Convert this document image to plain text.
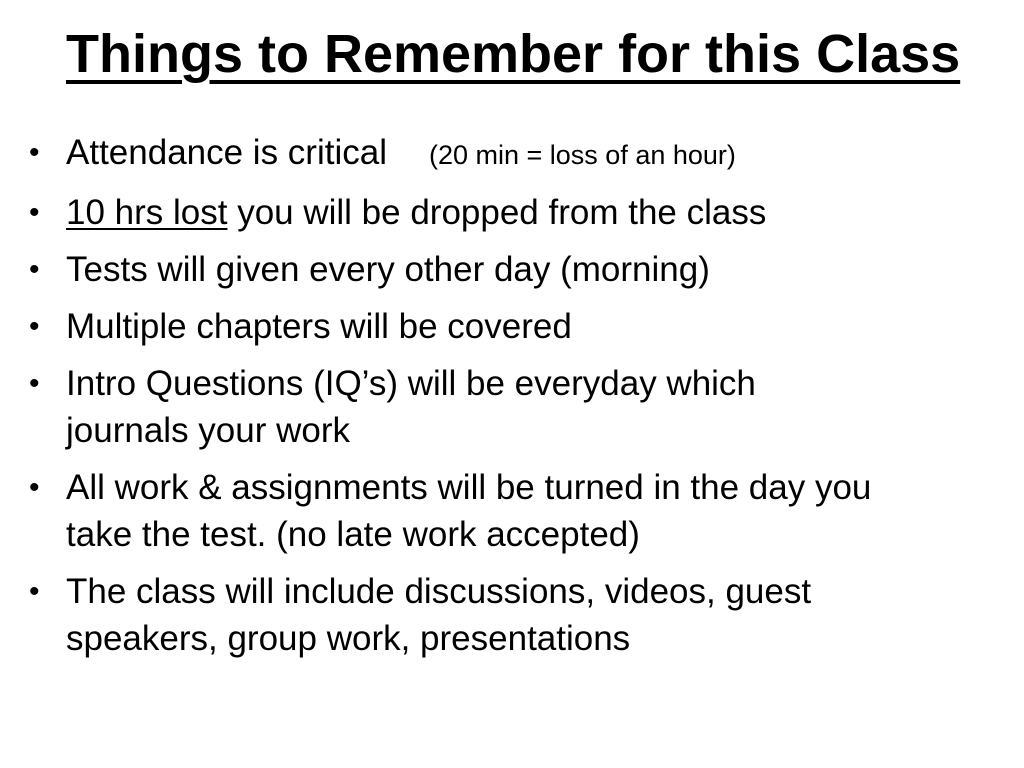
Things to Remember for this Class
• Attendance is critical (20 min = loss of an hour)
• 10 hrs lost you will be dropped from the class
• Tests will given every other day (morning)
• Multiple chapters will be covered
• Intro Questions (IQ’s) will be everyday which
journals your work
• All work & assignments will be turned in the day you
take the test. (no late work accepted)
• The class will include discussions, videos, guest
speakers, group work, presentations
